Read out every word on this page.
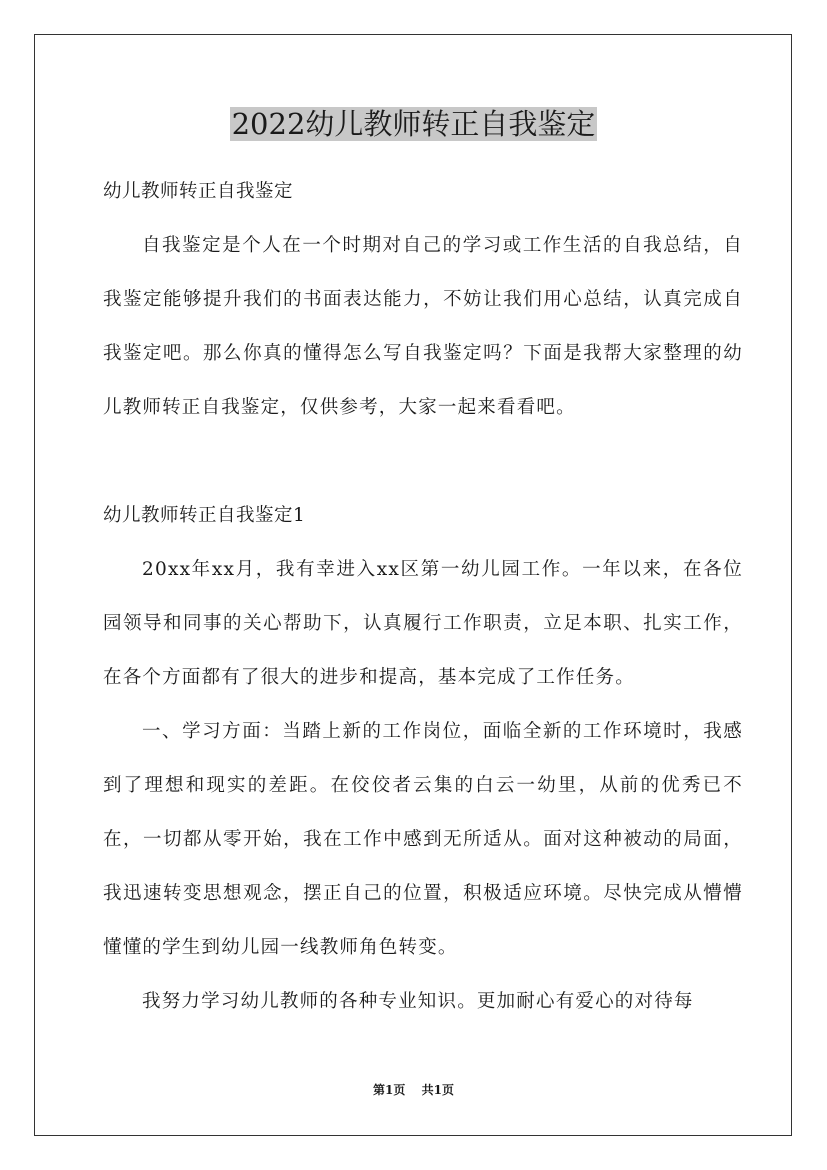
2022幼儿教师转正自我鉴定

幼儿教师转正自我鉴定

自我鉴定是个人在一个时期对自己的学习或工作生活的自我总结，自我鉴定能够提升我们的书面表达能力，不妨让我们用心总结，认真完成自我鉴定吧。那么你真的懂得怎么写自我鉴定吗？下面是我帮大家整理的幼儿教师转正自我鉴定，仅供参考，大家一起来看看吧。

幼儿教师转正自我鉴定1

20xx年xx月，我有幸进入xx区第一幼儿园工作。一年以来，在各位园领导和同事的关心帮助下，认真履行工作职责，立足本职、扎实工作，在各个方面都有了很大的进步和提高，基本完成了工作任务。

一、学习方面：当踏上新的工作岗位，面临全新的工作环境时，我感到了理想和现实的差距。在佼佼者云集的白云一幼里，从前的优秀已不在，一切都从零开始，我在工作中感到无所适从。面对这种被动的局面，我迅速转变思想观念，摆正自己的位置，积极适应环境。尽快完成从懵懵懂懂的学生到幼儿园一线教师角色转变。

我努力学习幼儿教师的各种专业知识。更加耐心有爱心的对待每

第1页 共1页
